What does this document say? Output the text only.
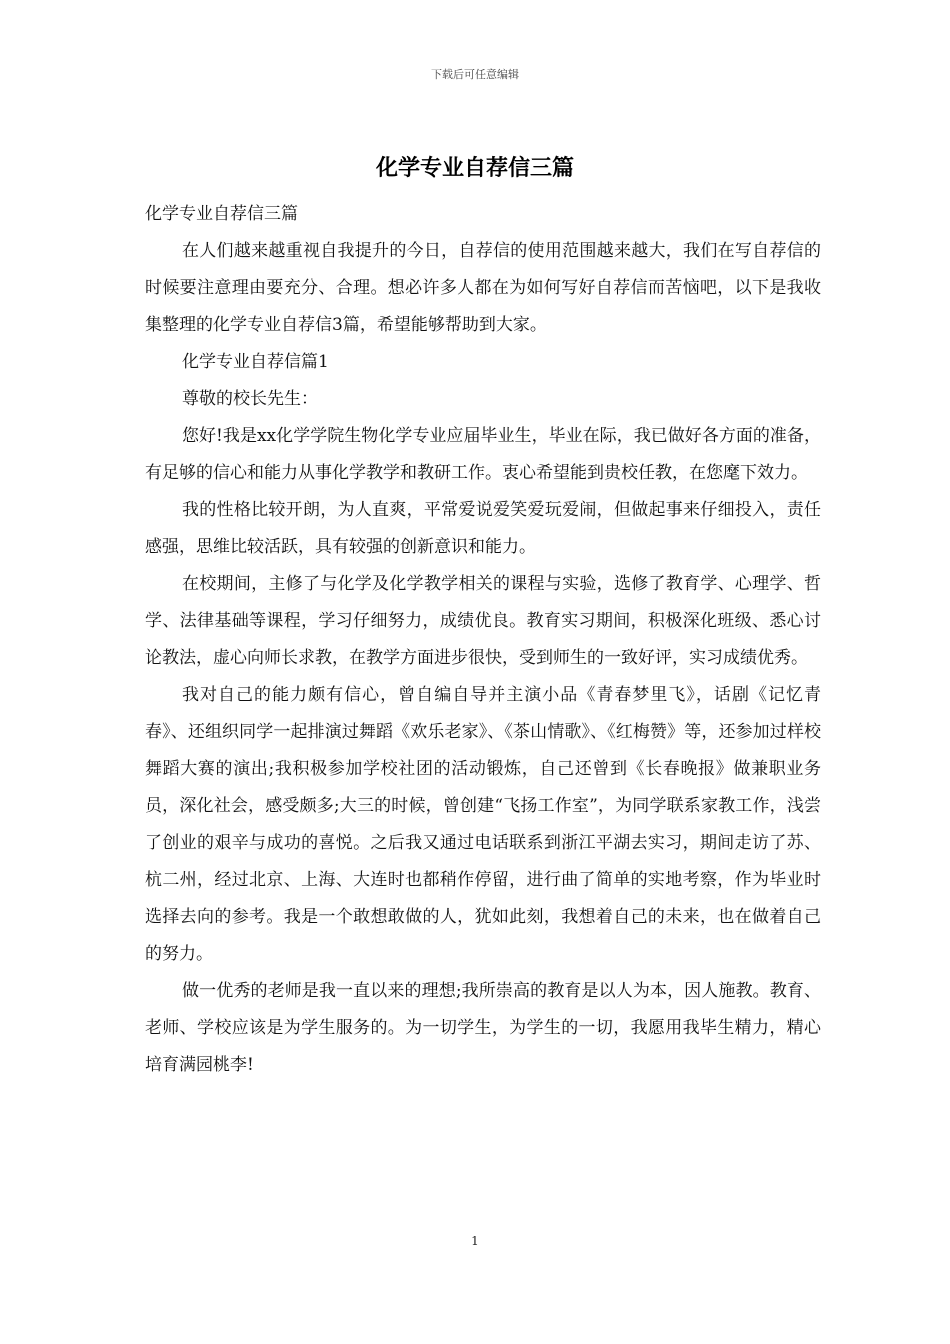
下载后可任意编辑
化学专业自荐信三篇

化学专业自荐信三篇

在人们越来越重视自我提升的今日，自荐信的使用范围越来越大，我们在写自荐信的时候要注意理由要充分、合理。想必许多人都在为如何写好自荐信而苦恼吧，以下是我收集整理的化学专业自荐信3篇，希望能够帮助到大家。

化学专业自荐信篇1

尊敬的校长先生：

您好!我是xx化学学院生物化学专业应届毕业生，毕业在际，我已做好各方面的准备，有足够的信心和能力从事化学教学和教研工作。衷心希望能到贵校任教，在您麾下效力。

我的性格比较开朗，为人直爽，平常爱说爱笑爱玩爱闹，但做起事来仔细投入，责任感强，思维比较活跃，具有较强的创新意识和能力。

在校期间，主修了与化学及化学教学相关的课程与实验，选修了教育学、心理学、哲学、法律基础等课程，学习仔细努力，成绩优良。教育实习期间，积极深化班级、悉心讨论教法，虚心向师长求教，在教学方面进步很快，受到师生的一致好评，实习成绩优秀。

我对自己的能力颇有信心，曾自编自导并主演小品《青春梦里飞》，话剧《记忆青春》、还组织同学一起排演过舞蹈《欢乐老家》、《茶山情歌》、《红梅赞》等，还参加过样校舞蹈大赛的演出;我积极参加学校社团的活动锻炼，自己还曾到《长春晚报》做兼职业务员，深化社会，感受颇多;大三的时候，曾创建“飞扬工作室”，为同学联系家教工作，浅尝了创业的艰辛与成功的喜悦。之后我又通过电话联系到浙江平湖去实习，期间走访了苏、杭二州，经过北京、上海、大连时也都稍作停留，进行曲了简单的实地考察，作为毕业时选择去向的参考。我是一个敢想敢做的人，犹如此刻，我想着自己的未来，也在做着自己的努力。

做一优秀的老师是我一直以来的理想;我所崇高的教育是以人为本，因人施教。教育、老师、学校应该是为学生服务的。为一切学生，为学生的一切，我愿用我毕生精力，精心培育满园桃李!

1
